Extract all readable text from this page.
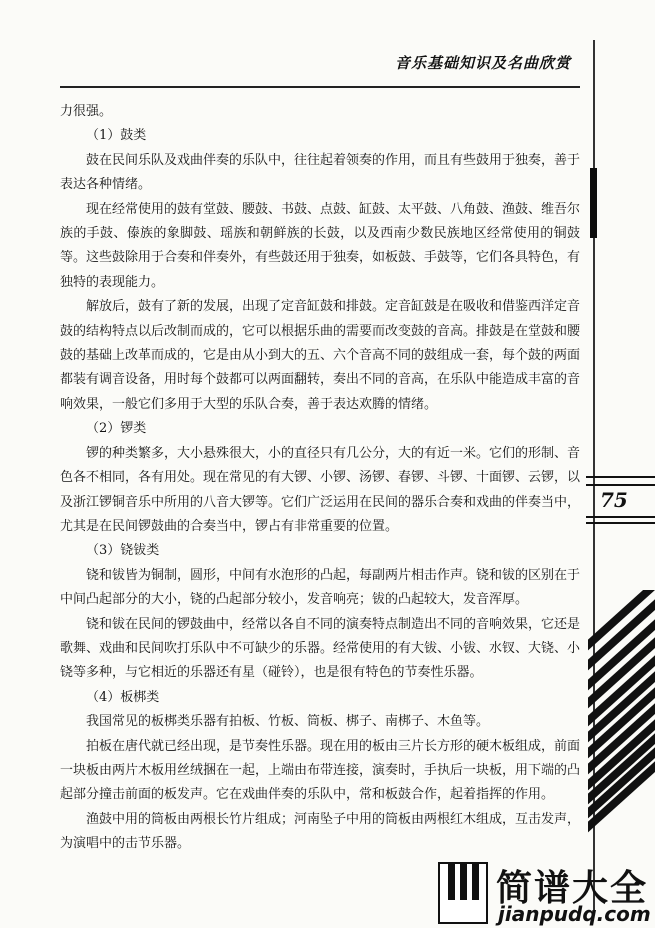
音乐基础知识及名曲欣赏
75

力很强。

（1）鼓类

鼓在民间乐队及戏曲伴奏的乐队中，往往起着领奏的作用，而且有些鼓用于独奏，善于表达各种情绪。

现在经常使用的鼓有堂鼓、腰鼓、书鼓、点鼓、缸鼓、太平鼓、八角鼓、渔鼓、维吾尔族的手鼓、傣族的象脚鼓、瑶族和朝鲜族的长鼓，以及西南少数民族地区经常使用的铜鼓等。这些鼓除用于合奏和伴奏外，有些鼓还用于独奏，如板鼓、手鼓等，它们各具特色，有独特的表现能力。

解放后，鼓有了新的发展，出现了定音缸鼓和排鼓。定音缸鼓是在吸收和借鉴西洋定音鼓的结构特点以后改制而成的，它可以根据乐曲的需要而改变鼓的音高。排鼓是在堂鼓和腰鼓的基础上改革而成的，它是由从小到大的五、六个音高不同的鼓组成一套，每个鼓的两面都装有调音设备，用时每个鼓都可以两面翻转，奏出不同的音高，在乐队中能造成丰富的音响效果，一般它们多用于大型的乐队合奏，善于表达欢腾的情绪。

（2）锣类

锣的种类繁多，大小悬殊很大，小的直径只有几公分，大的有近一米。它们的形制、音色各不相同，各有用处。现在常见的有大锣、小锣、汤锣、春锣、斗锣、十面锣、云锣，以及浙江锣铜音乐中所用的八音大锣等。它们广泛运用在民间的器乐合奏和戏曲的伴奏当中，尤其是在民间锣鼓曲的合奏当中，锣占有非常重要的位置。

（3）铙钹类

铙和钹皆为铜制，圆形，中间有水泡形的凸起，每副两片相击作声。铙和钹的区别在于中间凸起部分的大小，铙的凸起部分较小，发音响亮；钹的凸起较大，发音浑厚。

铙和钹在民间的锣鼓曲中，经常以各自不同的演奏特点制造出不同的音响效果，它还是歌舞、戏曲和民间吹打乐队中不可缺少的乐器。经常使用的有大钹、小钹、水钗、大铙、小铙等多种，与它相近的乐器还有星（碰铃），也是很有特色的节奏性乐器。

（4）板梆类

我国常见的板梆类乐器有拍板、竹板、筒板、梆子、南梆子、木鱼等。

拍板在唐代就已经出现，是节奏性乐器。现在用的板由三片长方形的硬木板组成，前面一块板由两片木板用丝绒捆在一起，上端由布带连接，演奏时，手执后一块板，用下端的凸起部分撞击前面的板发声。它在戏曲伴奏的乐队中，常和板鼓合作，起着指挥的作用。

渔鼓中用的筒板由两根长竹片组成；河南坠子中用的筒板由两根红木组成，互击发声，为演唱中的击节乐器。

简谱大全
jianpudq.com
